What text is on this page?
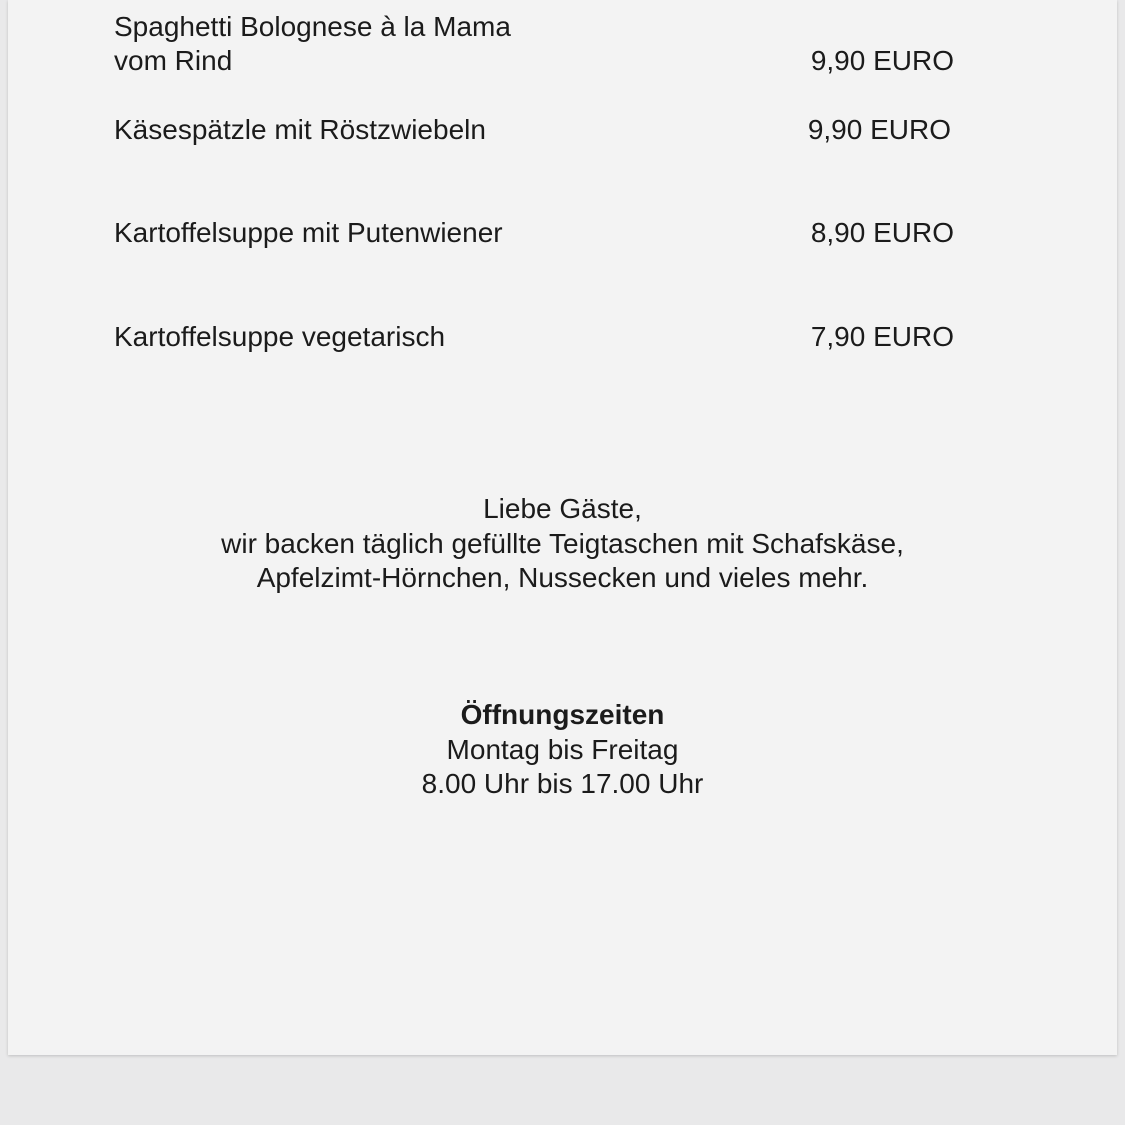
Spaghetti Bolognese à la Mama
vom Rind	9,90 EURO
Käsespätzle mit Röstzwiebeln	9,90 EURO
Kartoffelsuppe mit Putenwiener	8,90 EURO
Kartoffelsuppe vegetarisch	7,90 EURO
Liebe Gäste,
wir backen täglich gefüllte Teigtaschen mit Schafskäse,
Apfelzimt-Hörnchen, Nussecken und vieles mehr.
Öffnungszeiten
Montag bis Freitag
8.00 Uhr bis 17.00 Uhr
